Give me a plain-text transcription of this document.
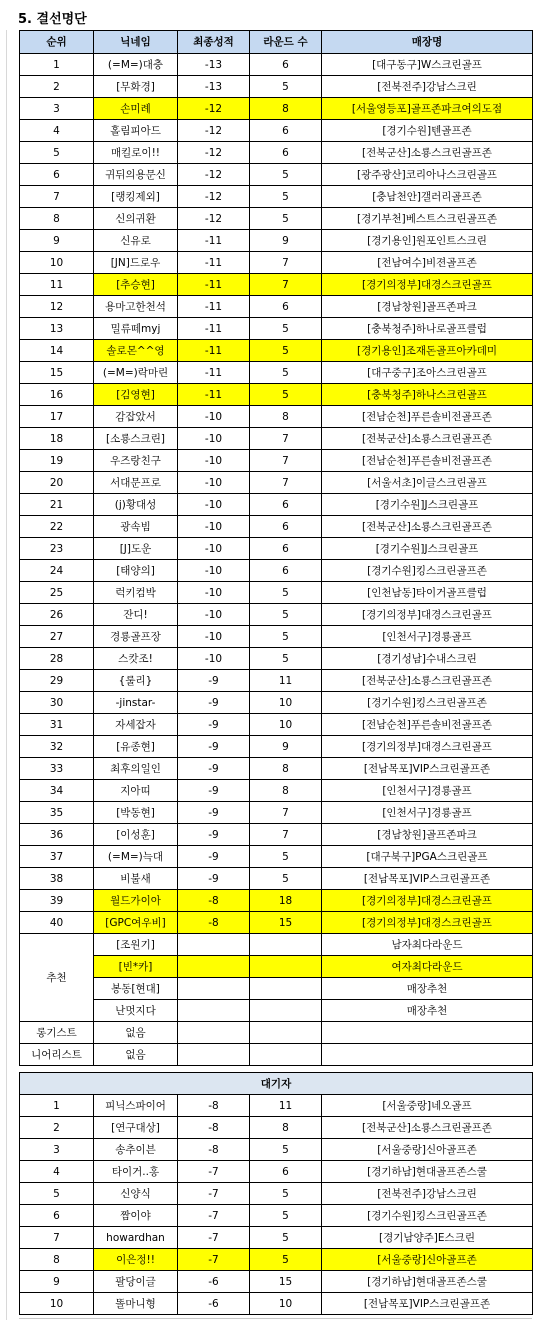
5. 결선명단
순위	닉네임	최종성적	라운드 수	매장명
1	(=M=)대충	-13	6	[대구동구]W스크린골프
2	[무화경]	-13	5	[전북전주]강남스크린
3	손미례	-12	8	[서울영등포]골프존파크여의도점
4	홀림피아드	-12	6	[경기수원]텐골프존
5	매킬로이!!	-12	6	[전북군산]소룡스크린골프존
6	귀뒤의용문신	-12	5	[광주광산]코리아나스크린골프
7	[랭킹제외]	-12	5	[충남천안]갤러리골프존
8	신의귀환	-12	5	[경기부천]베스트스크린골프존
9	신유로	-11	9	[경기용인]원포인트스크린
10	[JN]드로우	-11	7	[전남여수]비젼골프존
11	[추승현]	-11	7	[경기의정부]대경스크린골프
12	용마고한천석	-11	6	[경남창원]골프존파크
13	밀류떼myj	-11	5	[충북청주]하나로골프클럽
14	솔로몬^^영	-11	5	[경기용인]조재돈골프아카데미
15	(=M=)락마린	-11	5	[대구중구]조아스크린골프
16	[김영현]	-11	5	[충북청주]하나스크린골프
17	감잡았서	-10	8	[전남순천]푸른솔비전골프존
18	[소룡스크린]	-10	7	[전북군산]소룡스크린골프존
19	우즈랑친구	-10	7	[전남순천]푸른솔비전골프존
20	서대문프로	-10	7	[서울서초]이글스크린골프
21	(j)황대성	-10	6	[경기수원]J스크린골프
22	광속빔	-10	6	[전북군산]소룡스크린골프존
23	[J]도운	-10	6	[경기수원]J스크린골프
24	[태양의]	-10	6	[경기수원]킹스크린골프존
25	럭키컴박	-10	5	[인천남동]타이거골프클럽
26	잔디!	-10	5	[경기의정부]대경스크린골프
27	경룡골프장	-10	5	[인천서구]경룡골프
28	스캇조!	-10	5	[경기성남]수내스크린
29	{룰리}	-9	11	[전북군산]소룡스크린골프존
30	-jinstar-	-9	10	[경기수원]킹스크린골프존
31	자세잡자	-9	10	[전남순천]푸른솔비전골프존
32	[유종현]	-9	9	[경기의정부]대경스크린골프
33	최후의일인	-9	8	[전남목포]VIP스크린골프존
34	지아띠	-9	8	[인천서구]경룡골프
35	[박동현]	-9	7	[인천서구]경룡골프
36	[이성훈]	-9	7	[경남창원]골프존파크
37	(=M=)늑대	-9	5	[대구북구]PGA스크린골프
38	비불새	-9	5	[전남목포]VIP스크린골프존
39	월드가이아	-8	18	[경기의정부]대경스크린골프
40	[GPC여우비]	-8	15	[경기의정부]대경스크린골프
추천	[조원기]			남자최다라운드
	[빈*카]			여자최다라운드
	봉동[현대]			매장추천
	난멋지다			매장추천
롱기스트	없음			
니어리스트	없음			

대기자				
1	피닉스파이어	-8	11	[서울중랑]네오골프
2	[연구대상]	-8	8	[전북군산]소룡스크린골프존
3	송추이븐	-8	5	[서울중랑]신아골프존
4	타이거..홍	-7	6	[경기하남]현대골프존스쿨
5	신양식	-7	5	[전북전주]강남스크린
6	짬이야	-7	5	[경기수원]킹스크린골프존
7	howardhan	-7	5	[경기남양주]E스크린
8	이은정!!	-7	5	[서울중랑]신아골프존
9	팔당이글	-6	15	[경기하남]현대골프존스쿨
10	똘마니형	-6	10	[전남목포]VIP스크린골프존
